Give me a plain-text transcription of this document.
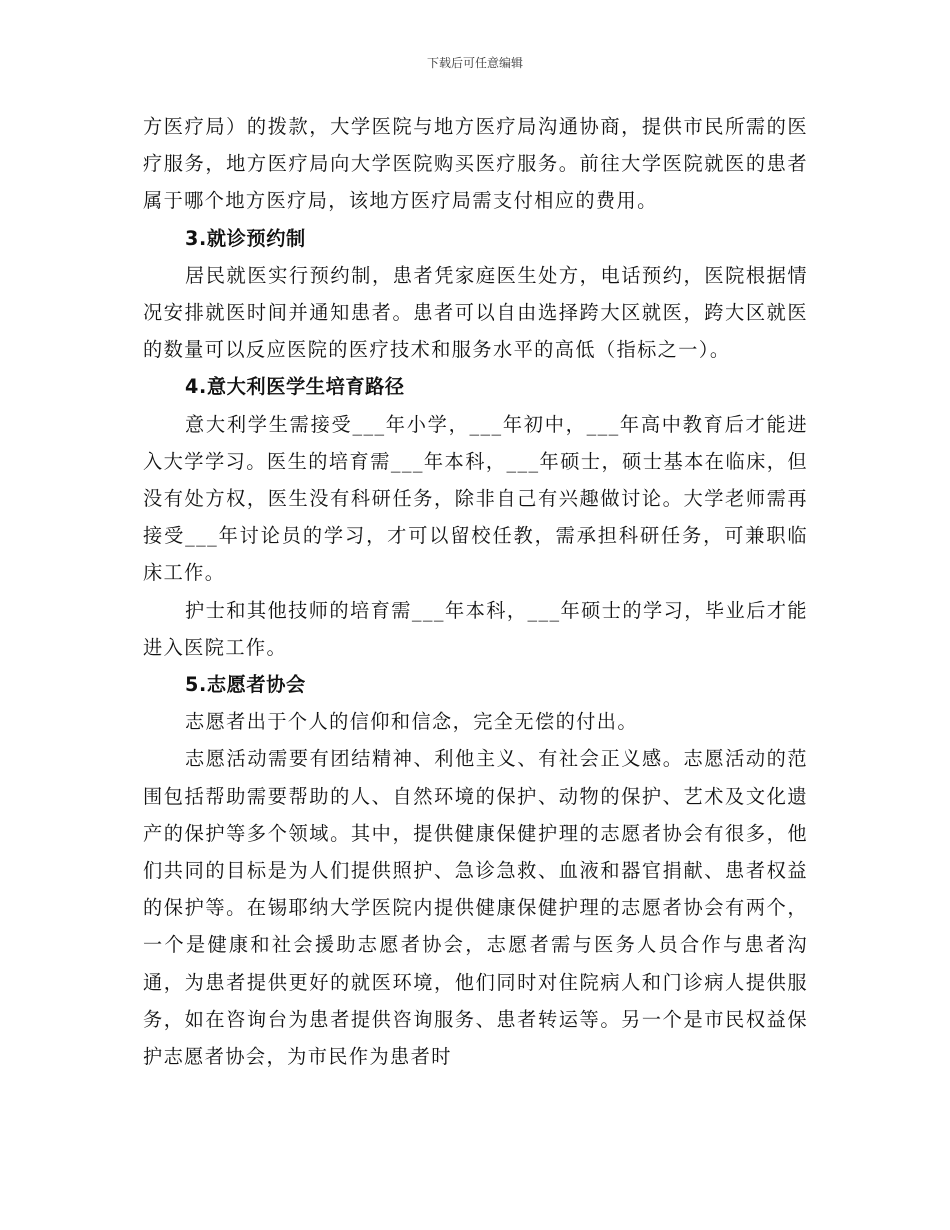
下载后可任意编辑

方医疗局）的拨款，大学医院与地方医疗局沟通协商，提供市民所需的医疗服务，地方医疗局向大学医院购买医疗服务。前往大学医院就医的患者属于哪个地方医疗局，该地方医疗局需支付相应的费用。

3.就诊预约制

居民就医实行预约制，患者凭家庭医生处方，电话预约，医院根据情况安排就医时间并通知患者。患者可以自由选择跨大区就医，跨大区就医的数量可以反应医院的医疗技术和服务水平的高低（指标之一）。

4.意大利医学生培育路径

意大利学生需接受___年小学，___年初中，___年高中教育后才能进入大学学习。医生的培育需___年本科，___年硕士，硕士基本在临床，但没有处方权，医生没有科研任务，除非自己有兴趣做讨论。大学老师需再接受___年讨论员的学习，才可以留校任教，需承担科研任务，可兼职临床工作。

护士和其他技师的培育需___年本科，___年硕士的学习，毕业后才能进入医院工作。

5.志愿者协会

志愿者出于个人的信仰和信念，完全无偿的付出。

志愿活动需要有团结精神、利他主义、有社会正义感。志愿活动的范围包括帮助需要帮助的人、自然环境的保护、动物的保护、艺术及文化遗产的保护等多个领域。其中，提供健康保健护理的志愿者协会有很多，他们共同的目标是为人们提供照护、急诊急救、血液和器官捐献、患者权益的保护等。在锡耶纳大学医院内提供健康保健护理的志愿者协会有两个，一个是健康和社会援助志愿者协会，志愿者需与医务人员合作与患者沟通，为患者提供更好的就医环境，他们同时对住院病人和门诊病人提供服务，如在咨询台为患者提供咨询服务、患者转运等。另一个是市民权益保护志愿者协会，为市民作为患者时
